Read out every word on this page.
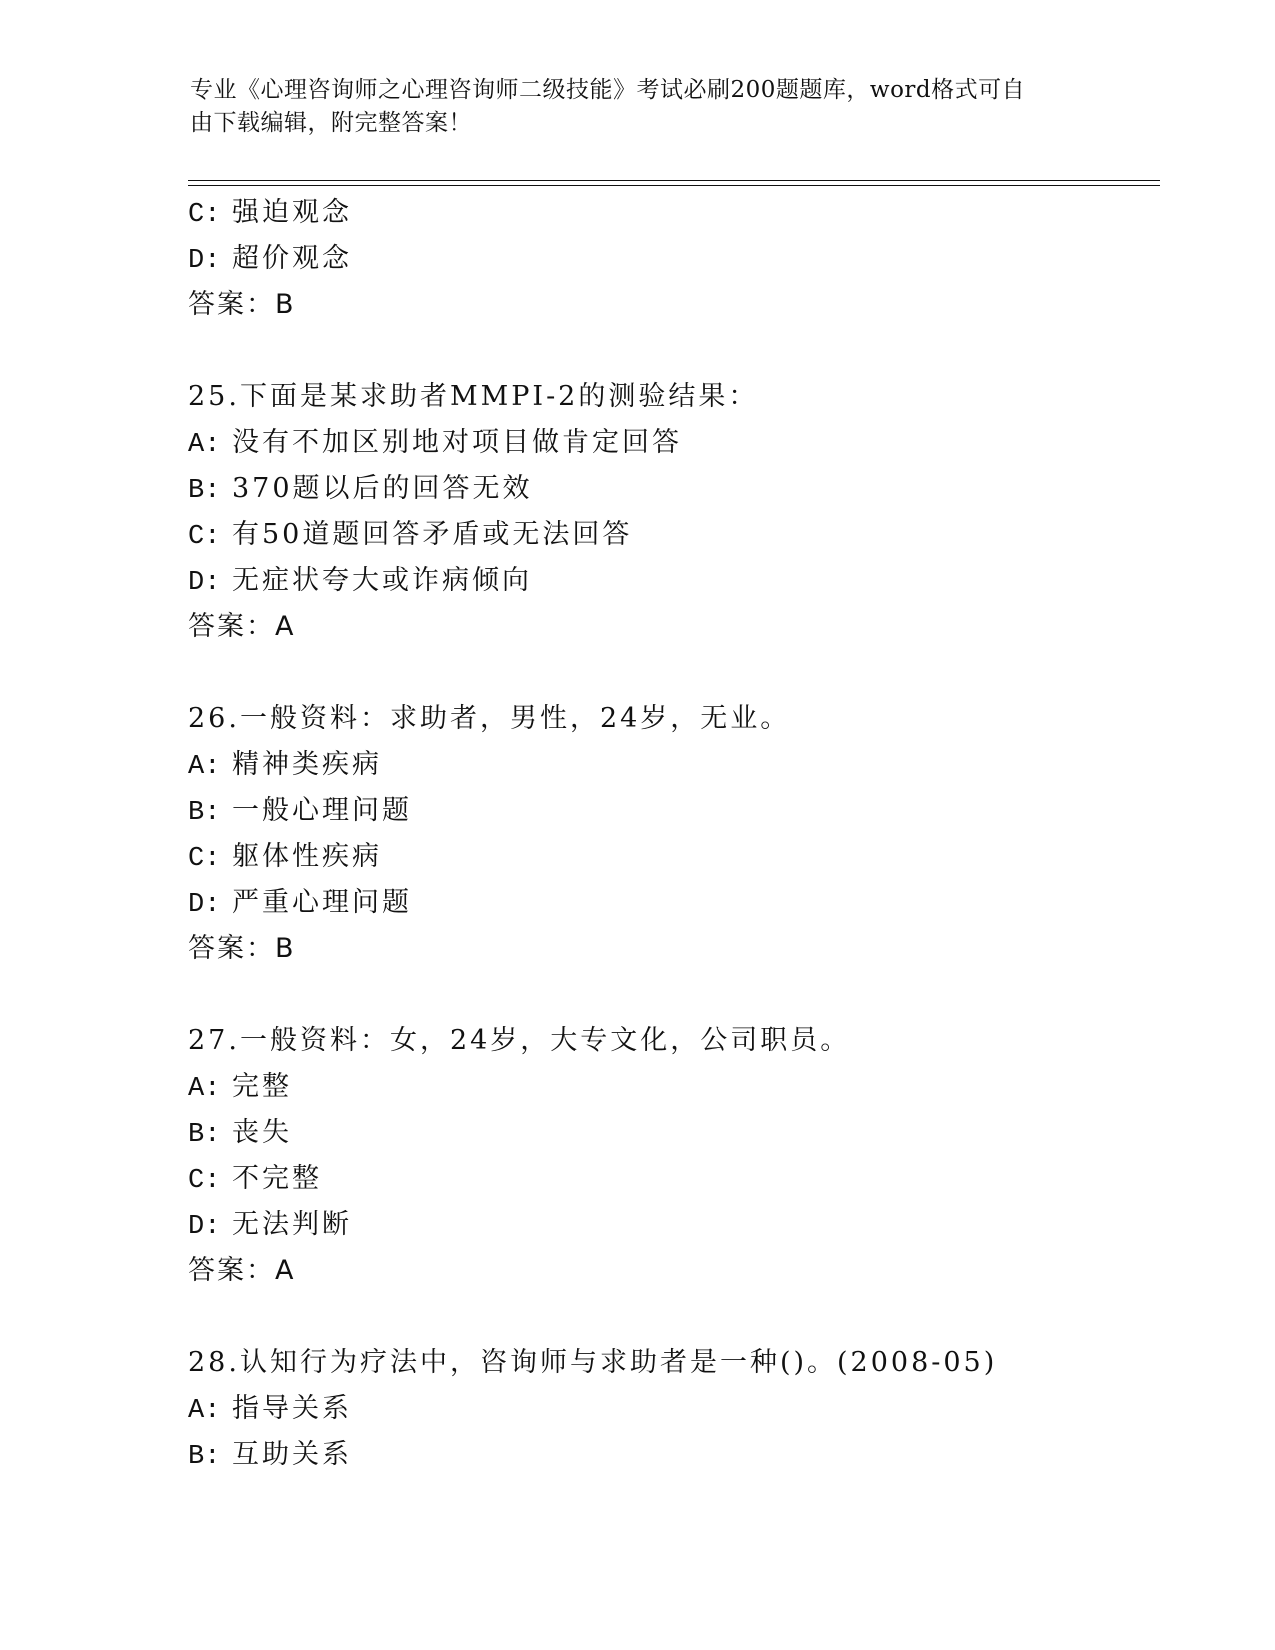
专业《心理咨询师之心理咨询师二级技能》考试必刷200题题库，word格式可自
由下载编辑，附完整答案！
C: 强迫观念
D: 超价观念
答案：B
25.下面是某求助者MMPI-2的测验结果：
A: 没有不加区别地对项目做肯定回答
B: 370题以后的回答无效
C: 有50道题回答矛盾或无法回答
D: 无症状夸大或诈病倾向
答案：A
26.一般资料：求助者，男性，24岁，无业。
A: 精神类疾病
B: 一般心理问题
C: 躯体性疾病
D: 严重心理问题
答案：B
27.一般资料：女，24岁，大专文化，公司职员。
A: 完整
B: 丧失
C: 不完整
D: 无法判断
答案：A
28.认知行为疗法中，咨询师与求助者是一种()。(2008-05)
A: 指导关系
B: 互助关系
